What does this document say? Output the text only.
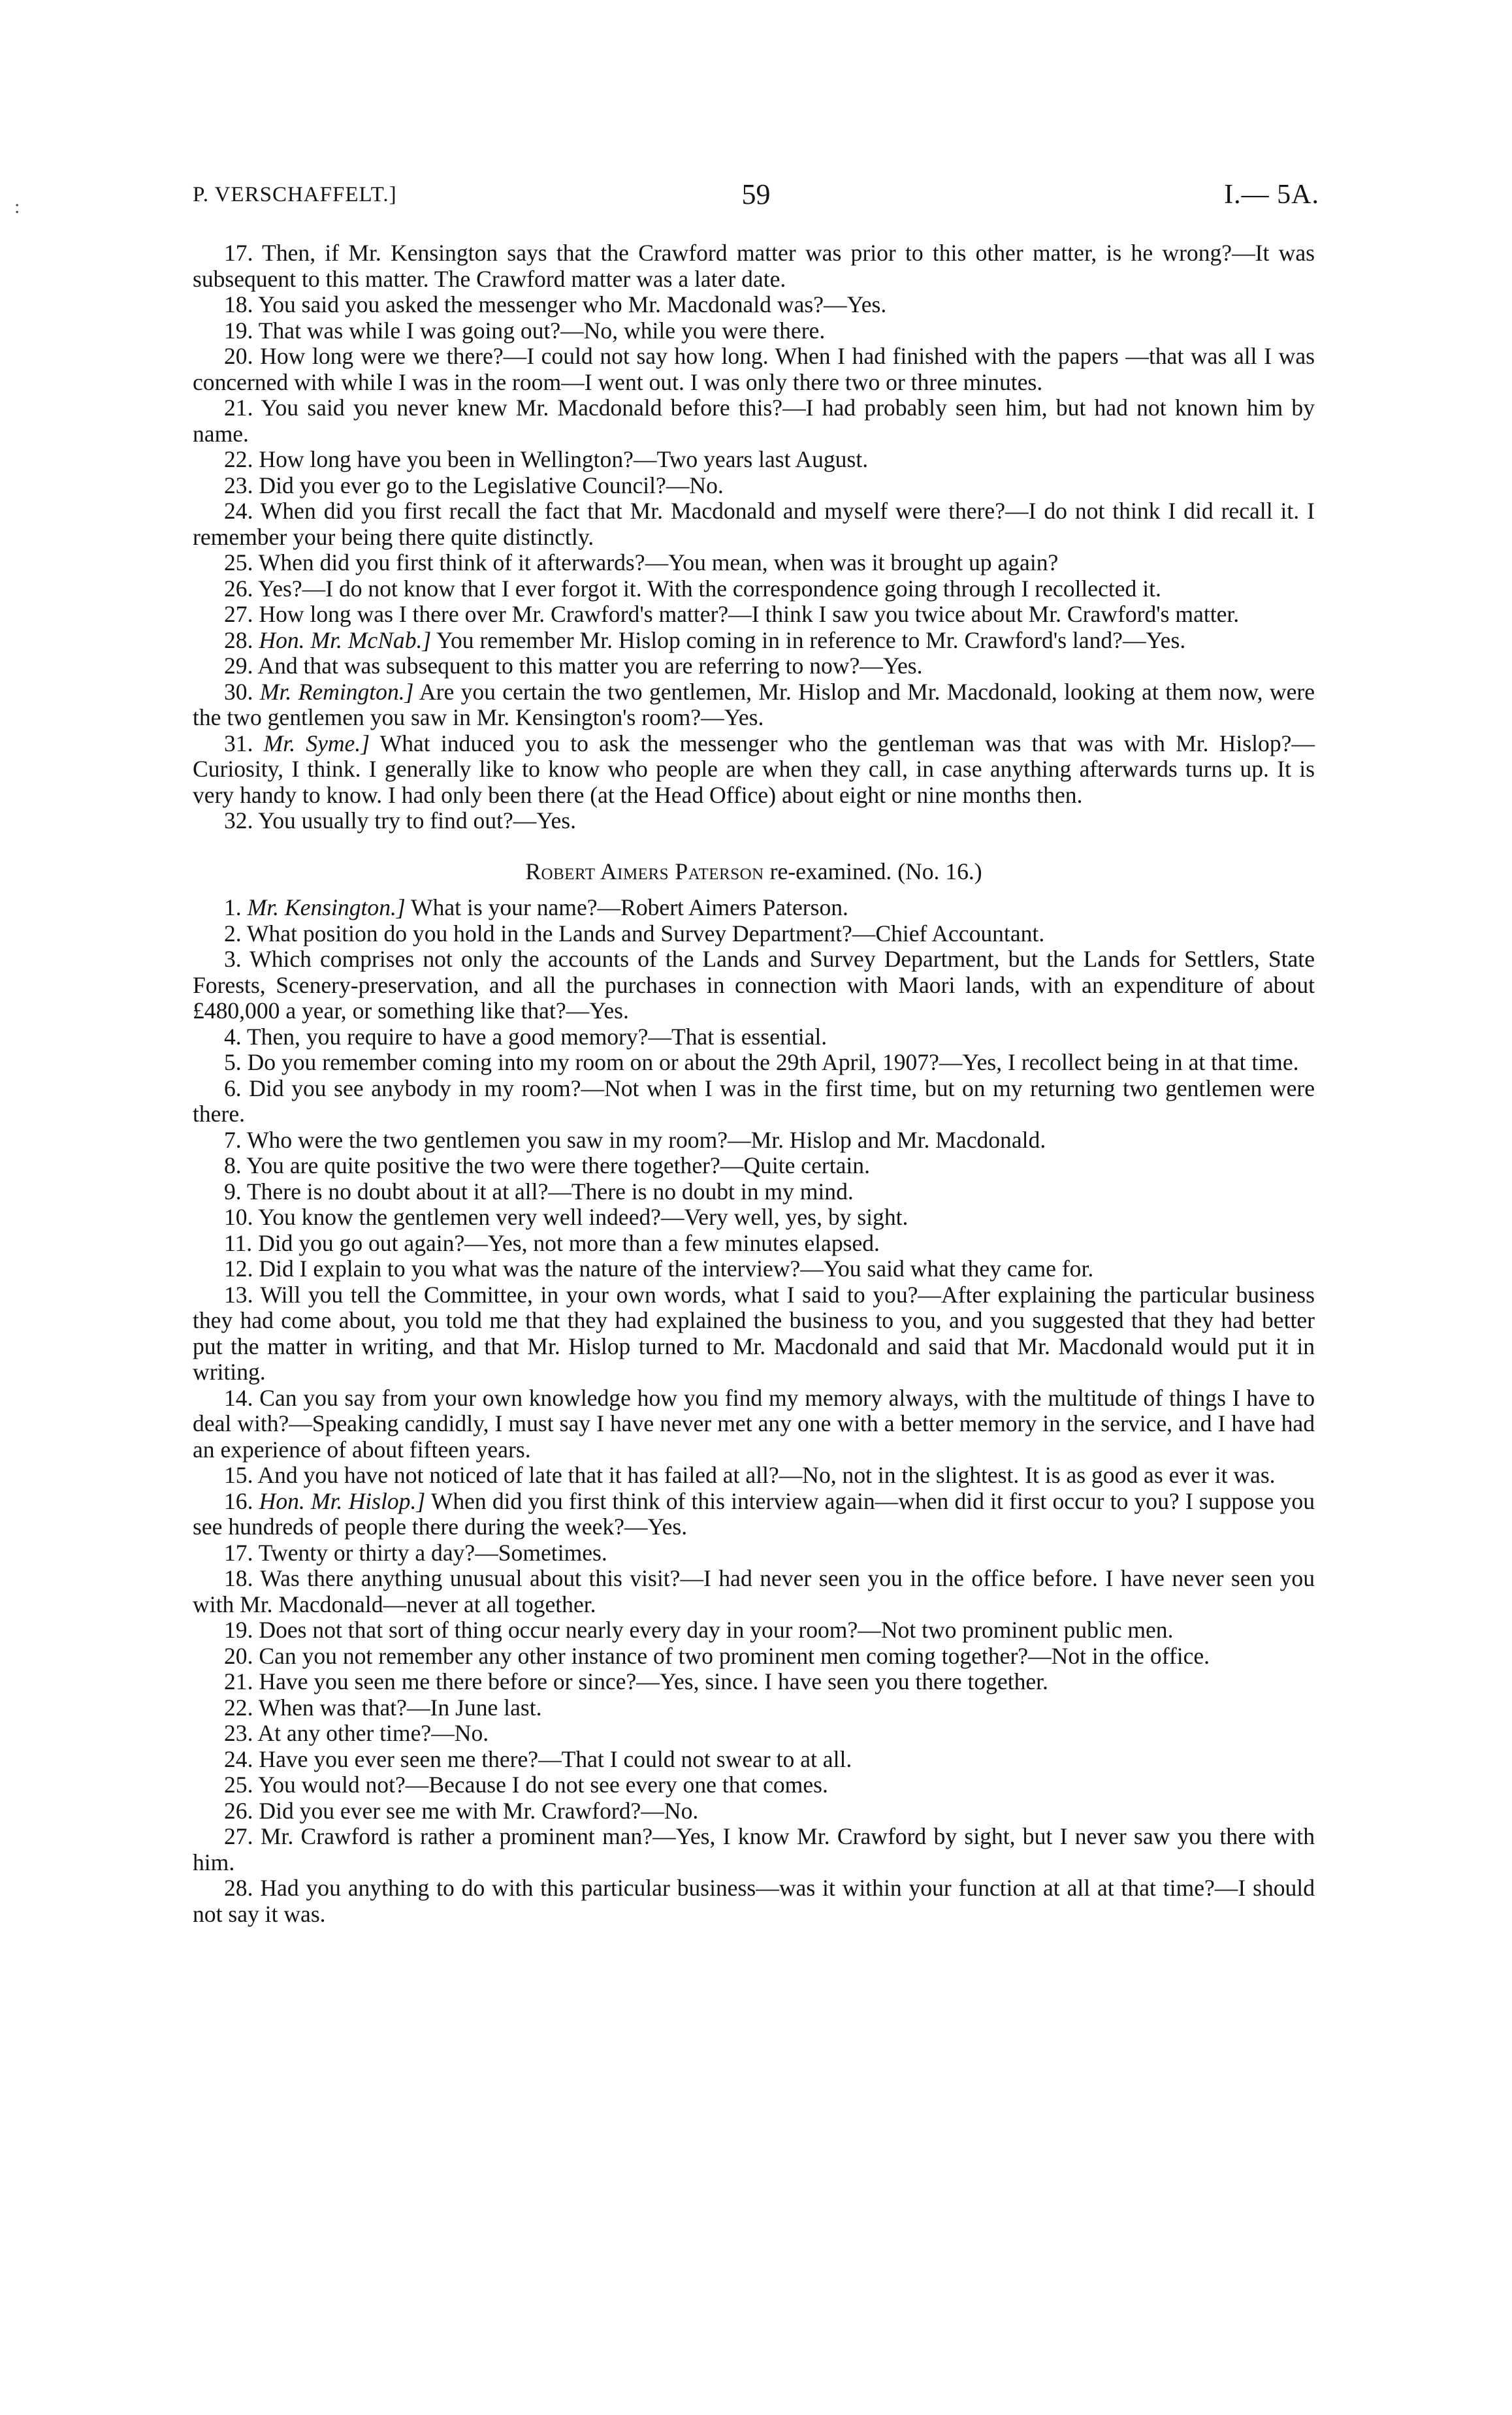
P. VERSCHAFFELT.]	59	I.— 5A.
:

17. Then, if Mr. Kensington says that the Crawford matter was prior to this other matter, is he wrong?—It was subsequent to this matter. The Crawford matter was a later date.

18. You said you asked the messenger who Mr. Macdonald was?—Yes.

19. That was while I was going out?—No, while you were there.

20. How long were we there?—I could not say how long. When I had finished with the papers —that was all I was concerned with while I was in the room—I went out. I was only there two or three minutes.

21. You said you never knew Mr. Macdonald before this?—I had probably seen him, but had not known him by name.

22. How long have you been in Wellington?—Two years last August.

23. Did you ever go to the Legislative Council?—No.

24. When did you first recall the fact that Mr. Macdonald and myself were there?—I do not think I did recall it. I remember your being there quite distinctly.

25. When did you first think of it afterwards?—You mean, when was it brought up again?

26. Yes?—I do not know that I ever forgot it. With the correspondence going through I recollected it.

27. How long was I there over Mr. Crawford's matter?—I think I saw you twice about Mr. Crawford's matter.

28. Hon. Mr. McNab.] You remember Mr. Hislop coming in in reference to Mr. Crawford's land?—Yes.

29. And that was subsequent to this matter you are referring to now?—Yes.

30. Mr. Remington.] Are you certain the two gentlemen, Mr. Hislop and Mr. Macdonald, looking at them now, were the two gentlemen you saw in Mr. Kensington's room?—Yes.

31. Mr. Syme.] What induced you to ask the messenger who the gentleman was that was with Mr. Hislop?—Curiosity, I think. I generally like to know who people are when they call, in case anything afterwards turns up. It is very handy to know. I had only been there (at the Head Office) about eight or nine months then.

32. You usually try to find out?—Yes.

Robert Aimers Paterson re-examined. (No. 16.)

1. Mr. Kensington.] What is your name?—Robert Aimers Paterson.

2. What position do you hold in the Lands and Survey Department?—Chief Accountant.

3. Which comprises not only the accounts of the Lands and Survey Department, but the Lands for Settlers, State Forests, Scenery-preservation, and all the purchases in connection with Maori lands, with an expenditure of about £480,000 a year, or something like that?—Yes.

4. Then, you require to have a good memory?—That is essential.

5. Do you remember coming into my room on or about the 29th April, 1907?—Yes, I recollect being in at that time.

6. Did you see anybody in my room?—Not when I was in the first time, but on my returning two gentlemen were there.

7. Who were the two gentlemen you saw in my room?—Mr. Hislop and Mr. Macdonald.

8. You are quite positive the two were there together?—Quite certain.

9. There is no doubt about it at all?—There is no doubt in my mind.

10. You know the gentlemen very well indeed?—Very well, yes, by sight.

11. Did you go out again?—Yes, not more than a few minutes elapsed.

12. Did I explain to you what was the nature of the interview?—You said what they came for.

13. Will you tell the Committee, in your own words, what I said to you?—After explaining the particular business they had come about, you told me that they had explained the business to you, and you suggested that they had better put the matter in writing, and that Mr. Hislop turned to Mr. Macdonald and said that Mr. Macdonald would put it in writing.

14. Can you say from your own knowledge how you find my memory always, with the multitude of things I have to deal with?—Speaking candidly, I must say I have never met any one with a better memory in the service, and I have had an experience of about fifteen years.

15. And you have not noticed of late that it has failed at all?—No, not in the slightest. It is as good as ever it was.

16. Hon. Mr. Hislop.] When did you first think of this interview again—when did it first occur to you? I suppose you see hundreds of people there during the week?—Yes.

17. Twenty or thirty a day?—Sometimes.

18. Was there anything unusual about this visit?—I had never seen you in the office before. I have never seen you with Mr. Macdonald—never at all together.

19. Does not that sort of thing occur nearly every day in your room?—Not two prominent public men.

20. Can you not remember any other instance of two prominent men coming together?—Not in the office.

21. Have you seen me there before or since?—Yes, since. I have seen you there together.

22. When was that?—In June last.

23. At any other time?—No.

24. Have you ever seen me there?—That I could not swear to at all.

25. You would not?—Because I do not see every one that comes.

26. Did you ever see me with Mr. Crawford?—No.

27. Mr. Crawford is rather a prominent man?—Yes, I know Mr. Crawford by sight, but I never saw you there with him.

28. Had you anything to do with this particular business—was it within your function at all at that time?—I should not say it was.
